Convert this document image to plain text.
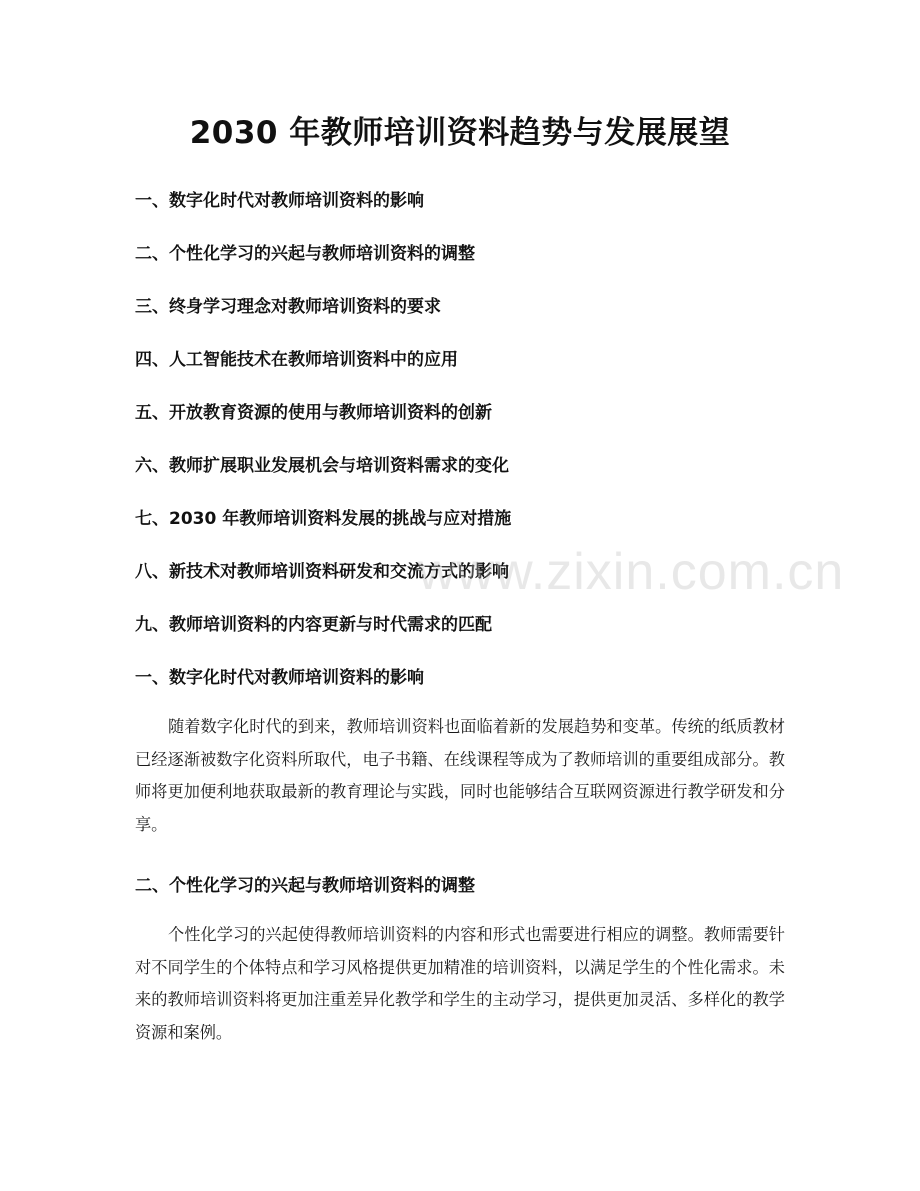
2030 年教师培训资料趋势与发展展望
一、数字化时代对教师培训资料的影响
二、个性化学习的兴起与教师培训资料的调整
三、终身学习理念对教师培训资料的要求
四、人工智能技术在教师培训资料中的应用
五、开放教育资源的使用与教师培训资料的创新
六、教师扩展职业发展机会与培训资料需求的变化
七、2030 年教师培训资料发展的挑战与应对措施
八、新技术对教师培训资料研发和交流方式的影响
九、教师培训资料的内容更新与时代需求的匹配
一、数字化时代对教师培训资料的影响
随着数字化时代的到来，教师培训资料也面临着新的发展趋势和变革。传统的纸质教材已经逐渐被数字化资料所取代，电子书籍、在线课程等成为了教师培训的重要组成部分。教师将更加便利地获取最新的教育理论与实践，同时也能够结合互联网资源进行教学研发和分享。
二、个性化学习的兴起与教师培训资料的调整
个性化学习的兴起使得教师培训资料的内容和形式也需要进行相应的调整。教师需要针对不同学生的个体特点和学习风格提供更加精准的培训资料，以满足学生的个性化需求。未来的教师培训资料将更加注重差异化教学和学生的主动学习，提供更加灵活、多样化的教学资源和案例。
www.zixin.com.cn
